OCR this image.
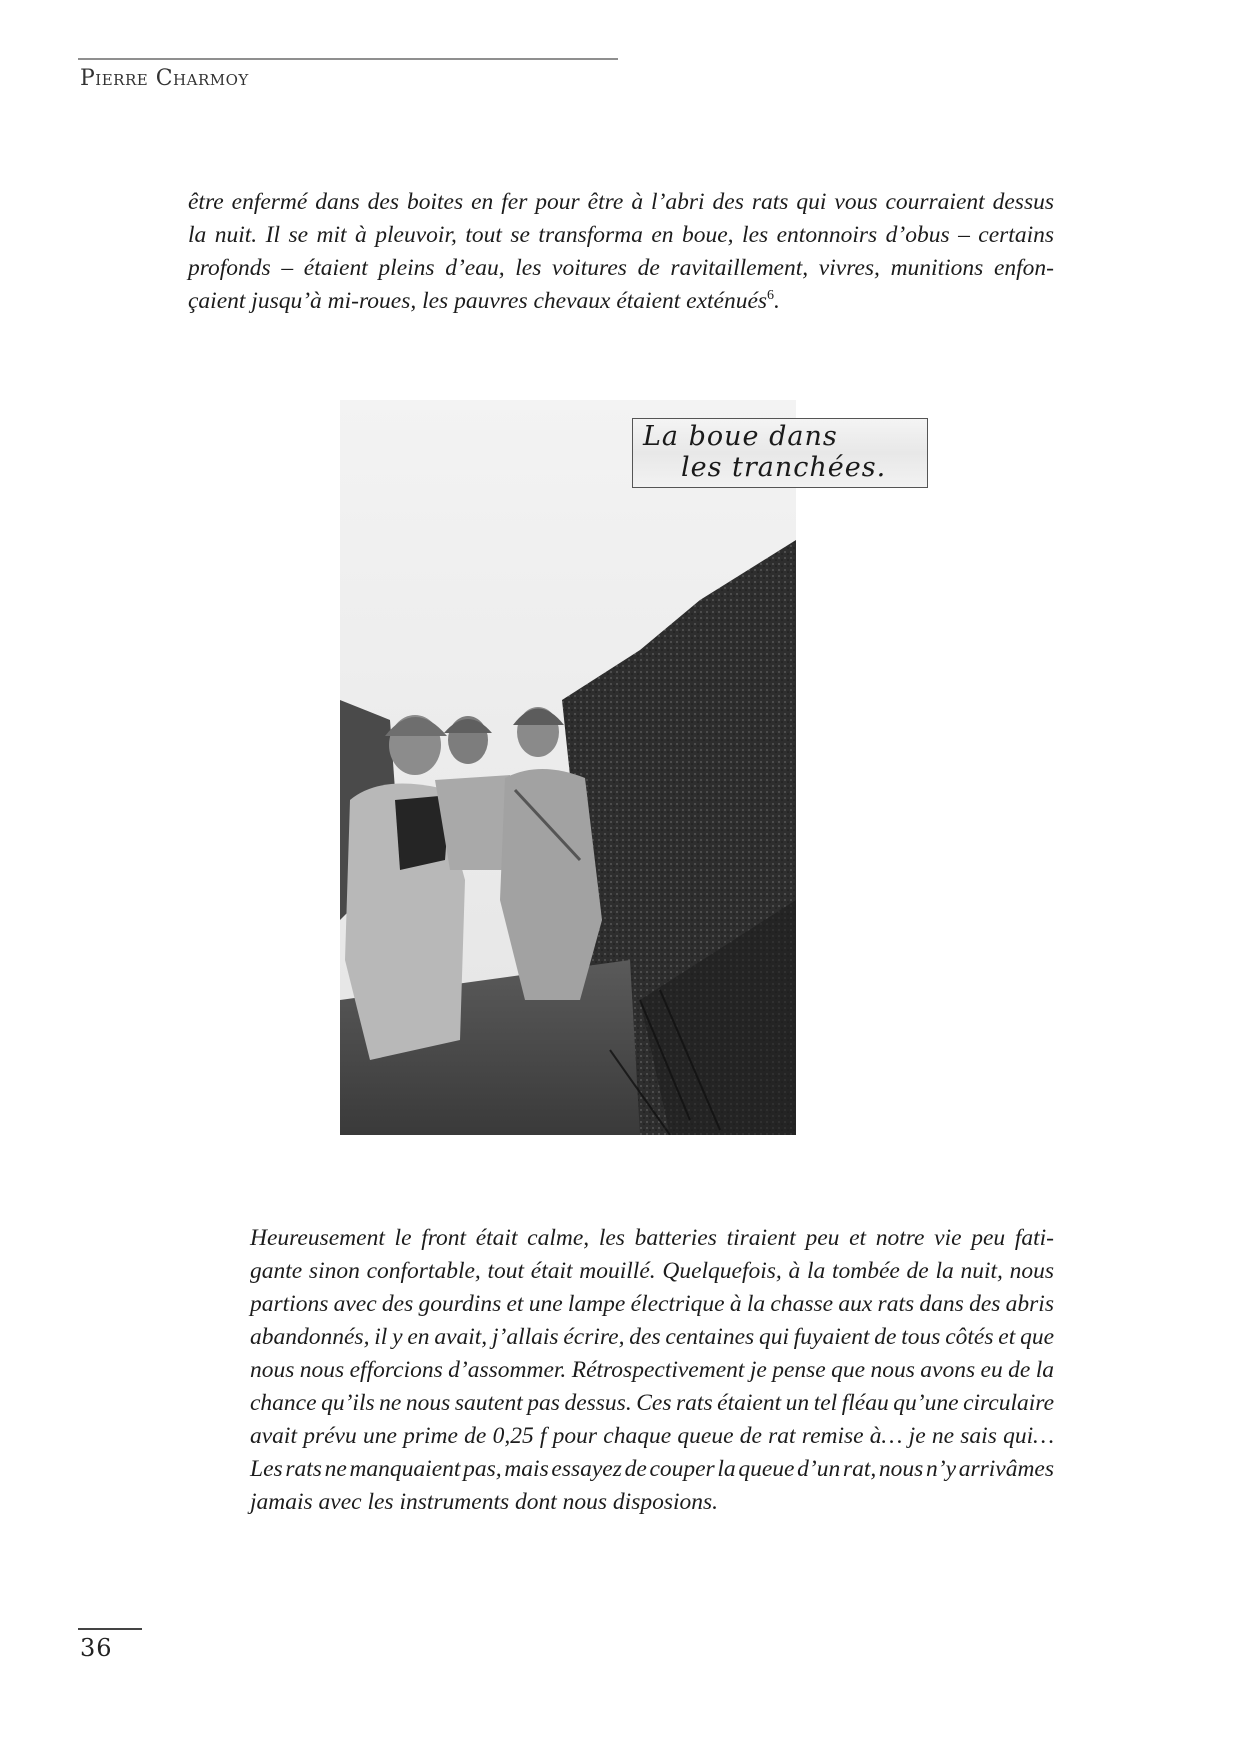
Pierre Charmoy
être enfermé dans des boites en fer pour être à l’abri des rats qui vous courraient dessus
la nuit. Il se mit à pleuvoir, tout se transforma en boue, les entonnoirs d’obus – certains
profonds – étaient pleins d’eau, les voitures de ravitaillement, vivres, munitions enfon-
çaient jusqu’à mi-roues, les pauvres chevaux étaient exténués$^6$.
La boue dans
les tranchées.
Heureusement le front était calme, les batteries tiraient peu et notre vie peu fati-
gante sinon confortable, tout était mouillé. Quelquefois, à la tombée de la nuit, nous
partions avec des gourdins et une lampe électrique à la chasse aux rats dans des abris
abandonnés, il y en avait, j’allais écrire, des centaines qui fuyaient de tous côtés et que
nous nous efforcions d’assommer. Rétrospectivement je pense que nous avons eu de la
chance qu’ils ne nous sautent pas dessus. Ces rats étaient un tel fléau qu’une circulaire
avait prévu une prime de 0,25 f pour chaque queue de rat remise à… je ne sais qui…
Les rats ne manquaient pas, mais essayez de couper la queue d’un rat, nous n’y arrivâmes
jamais avec les instruments dont nous disposions.
36
